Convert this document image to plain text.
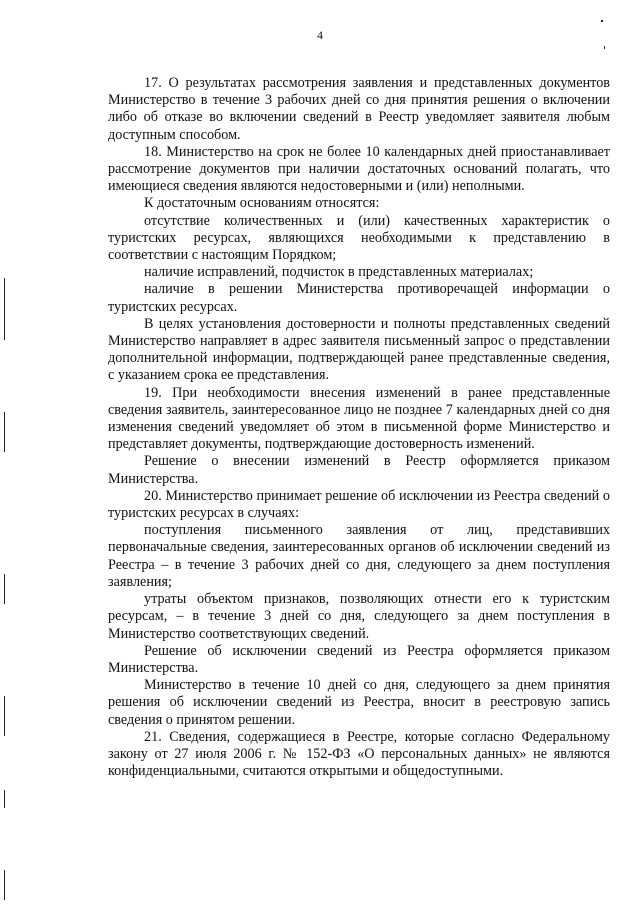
4

17. О результатах рассмотрения заявления и представленных документов Министерство в течение 3 рабочих дней со дня принятия решения о включении либо об отказе во включении сведений в Реестр уведомляет заявителя любым доступным способом.

18. Министерство на срок не более 10 календарных дней приостанавливает рассмотрение документов при наличии достаточных оснований полагать, что имеющиеся сведения являются недостоверными и (или) неполными.

К достаточным основаниям относятся:

отсутствие количественных и (или) качественных характеристик о туристских ресурсах, являющихся необходимыми к представлению в соответствии с настоящим Порядком;

наличие исправлений, подчисток в представленных материалах;

наличие в решении Министерства противоречащей информации о туристских ресурсах.

В целях установления достоверности и полноты представленных сведений Министерство направляет в адрес заявителя письменный запрос о представлении дополнительной информации, подтверждающей ранее представленные сведения, с указанием срока ее представления.

19. При необходимости внесения изменений в ранее представленные сведения заявитель, заинтересованное лицо не позднее 7 календарных дней со дня изменения сведений уведомляет об этом в письменной форме Министерство и представляет документы, подтверждающие достоверность изменений.

Решение о внесении изменений в Реестр оформляется приказом Министерства.

20. Министерство принимает решение об исключении из Реестра сведений о туристских ресурсах в случаях:

поступления письменного заявления от лиц, представивших первоначальные сведения, заинтересованных органов об исключении сведений из Реестра – в течение 3 рабочих дней со дня, следующего за днем поступления заявления;

утраты объектом признаков, позволяющих отнести его к туристским ресурсам, – в течение 3 дней со дня, следующего за днем поступления в Министерство соответствующих сведений.

Решение об исключении сведений из Реестра оформляется приказом Министерства.

Министерство в течение 10 дней со дня, следующего за днем принятия решения об исключении сведений из Реестра, вносит в реестровую запись сведения о принятом решении.

21. Сведения, содержащиеся в Реестре, которые согласно Федеральному закону от 27 июля 2006 г. № 152-ФЗ «О персональных данных» не являются конфиденциальными, считаются открытыми и общедоступными.
